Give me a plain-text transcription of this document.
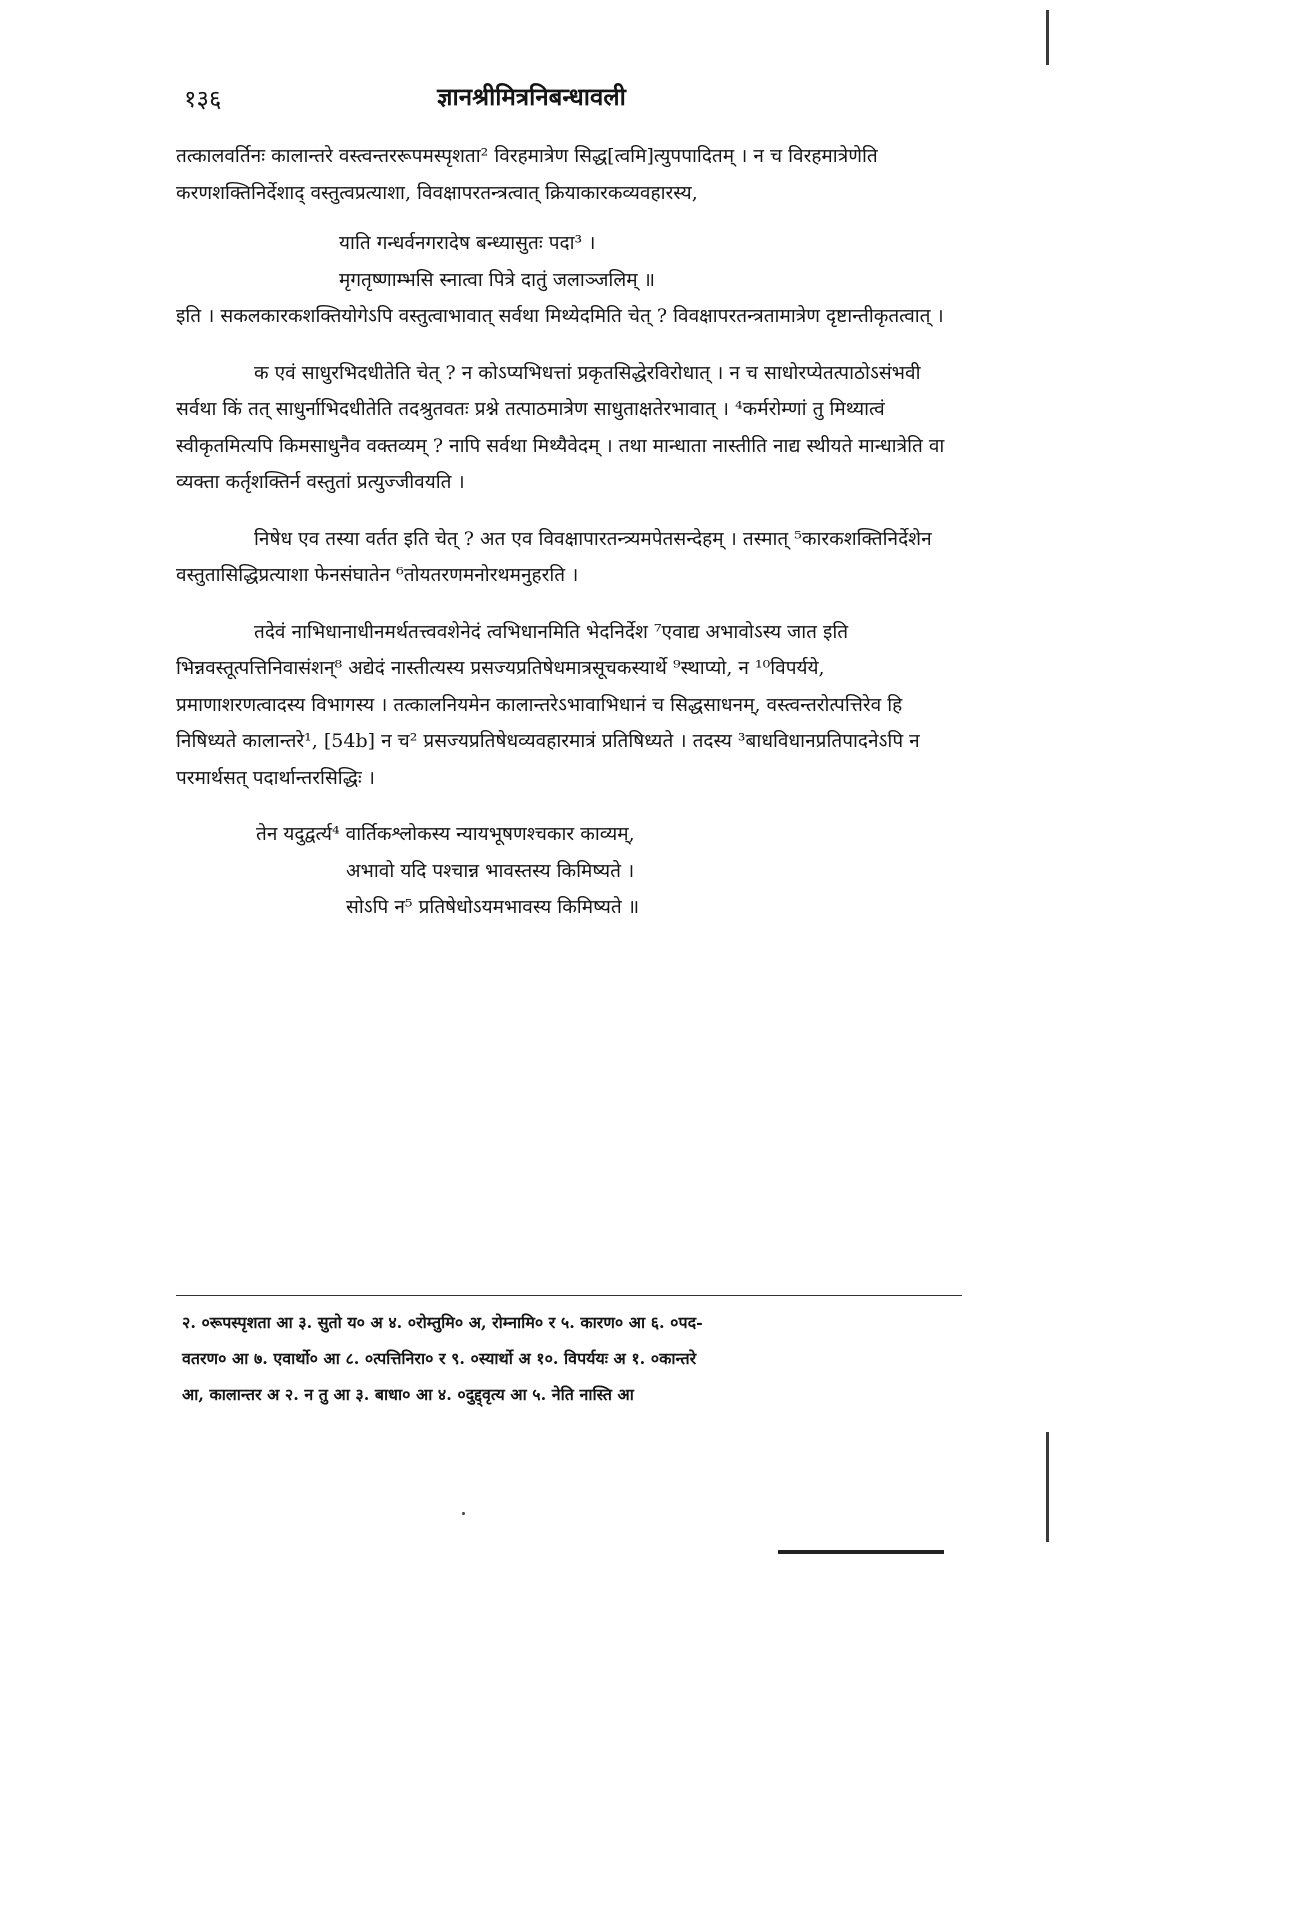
१३६	ज्ञानश्रीमित्रनिबन्धावली

तत्कालवर्तिनः कालान्तरे वस्त्वन्तररूपमस्पृशता² विरहमात्रेण सिद्ध[त्वमि]त्युपपादितम् । न च विरहमात्रेणेति करणशक्तिनिर्देशाद् वस्तुत्वप्रत्याशा, विवक्षापरतन्त्रत्वात् क्रियाकारकव्यवहारस्य,

याति गन्धर्वनगरादेष बन्ध्यासुतः पदा³ ।
मृगतृष्णाम्भसि स्नात्वा पित्रे दातुं जलाञ्जलिम् ॥

इति । सकलकारकशक्तियोगेऽपि वस्तुत्वाभावात् सर्वथा मिथ्येदमिति चेत् ? विवक्षापरतन्त्रतामात्रेण दृष्टान्तीकृतत्वात् ।

क एवं साधुरभिदधीतेति चेत् ? न कोऽप्यभिधत्तां प्रकृतसिद्धेरविरोधात् । न च साधोरप्येतत्पाठोऽसंभवी सर्वथा किं तत् साधुर्नाभिदधीतेति तदश्रुतवतः प्रश्ने तत्पाठमात्रेण साधुताक्षतेरभावात् । ⁴कर्मरोम्णां तु मिथ्यात्वं स्वीकृतमित्यपि किमसाधुनैव वक्तव्यम् ? नापि सर्वथा मिथ्यैवेदम् । तथा मान्धाता नास्तीति नाद्य स्थीयते मान्धात्रेति वा व्यक्ता कर्तृशक्तिर्न वस्तुतां प्रत्युज्जीवयति ।

निषेध एव तस्या वर्तत इति चेत् ? अत एव विवक्षापारतन्त्र्यमपेतसन्देहम् । तस्मात् ⁵कारकशक्तिनिर्देशेन वस्तुतासिद्धिप्रत्याशा फेनसंघातेन ⁶तोयतरणमनोरथमनुहरति ।

तदेवं नाभिधानाधीनमर्थतत्त्ववशेनेदं त्वभिधानमिति भेदनिर्देश ⁷एवाद्य अभावोऽस्य जात इति भिन्नवस्तूत्पत्तिनिवासंशन्⁸ अद्येदं नास्तीत्यस्य प्रसज्यप्रतिषेधमात्रसूचकस्यार्थे ⁹स्थाप्यो, न ¹⁰विपर्यये, प्रमाणाशरणत्वादस्य विभागस्य । तत्कालनियमेन कालान्तरेऽभावाभिधानं च सिद्धसाधनम्, वस्त्वन्तरोत्पत्तिरेव हि निषिध्यते कालान्तरे¹, [54b] न च² प्रसज्यप्रतिषेधव्यवहारमात्रं प्रतिषिध्यते । तदस्य ³बाधविधानप्रतिपादनेऽपि न परमार्थसत् पदार्थान्तरसिद्धिः ।

तेन यदुद्वर्त्य⁴ वार्तिकश्लोकस्य न्यायभूषणश्चकार काव्यम्,
अभावो यदि पश्चान्न भावस्तस्य किमिष्यते ।
सोऽपि न⁵ प्रतिषेधोऽयमभावस्य किमिष्यते ॥

२. ०रूपस्पृशता आ ३. सुतो य० अ ४. ०रोम्तुमि० अ, रोम्नामि० र ५. कारण० आ ६. ०पद-

वतरण० आ ७. एवार्थो० आ ८. ०त्पत्तिनिरा० र ९. ०स्यार्थो अ १०. विपर्ययः अ १. ०कान्तरे

आ, कालान्तर अ २. न तु आ ३. बाधा० आ ४. ०दुद्द्वृत्य आ ५. नेति नास्ति आ
